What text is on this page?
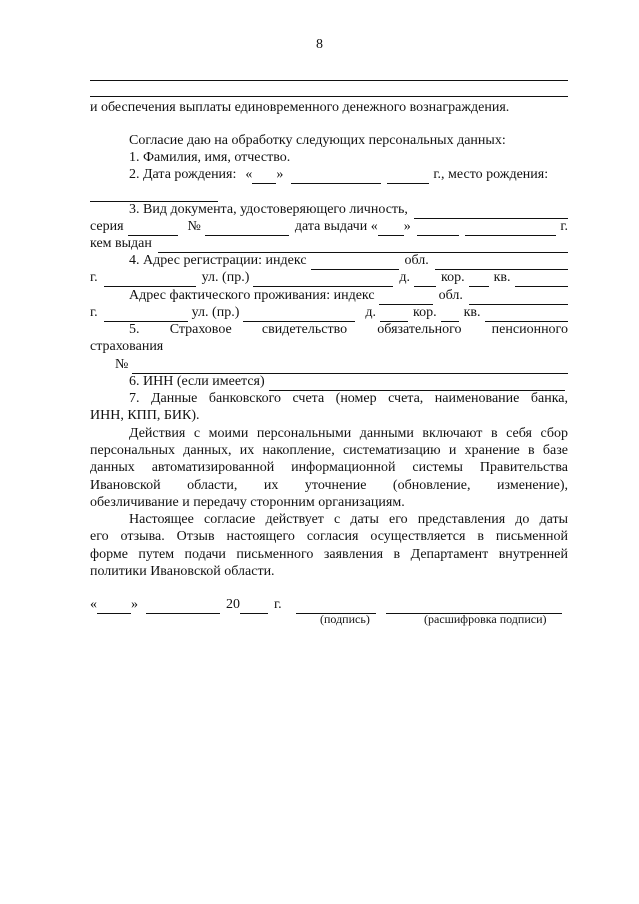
8
и обеспечения выплаты единовременного денежного вознаграждения.
Согласие даю на обработку следующих персональных данных:
1. Фамилия, имя, отчество.
2. Дата рождения: « »	г., место рождения:
3. Вид документа, удостоверяющего личность,
серия	№	дата выдачи « »	г.
кем выдан
4. Адрес регистрации: индекс	обл.
г.	ул. (пр.)	д. кор. кв.
Адрес фактического проживания: индекс	обл.
г.	ул. (пр.)	д.	кор. кв.
5. Страховое свидетельство обязательного пенсионного
страхования
№
6. ИНН (если имеется)
7. Данные банковского счета (номер счета, наименование банка,
ИНН, КПП, БИК).
Действия с моими персональными данными включают в себя сбор
персональных данных, их накопление, систематизацию и хранение в базе
данных автоматизированной информационной системы Правительства
Ивановской области, их уточнение (обновление, изменение),
обезличивание и передачу сторонним организациям.
Настоящее согласие действует с даты его представления до даты
его отзыва. Отзыв настоящего согласия осуществляется в письменной
форме путем подачи письменного заявления в Департамент внутренней
политики Ивановской области.
« »	20 г.
(подпись)	(расшифровка подписи)
